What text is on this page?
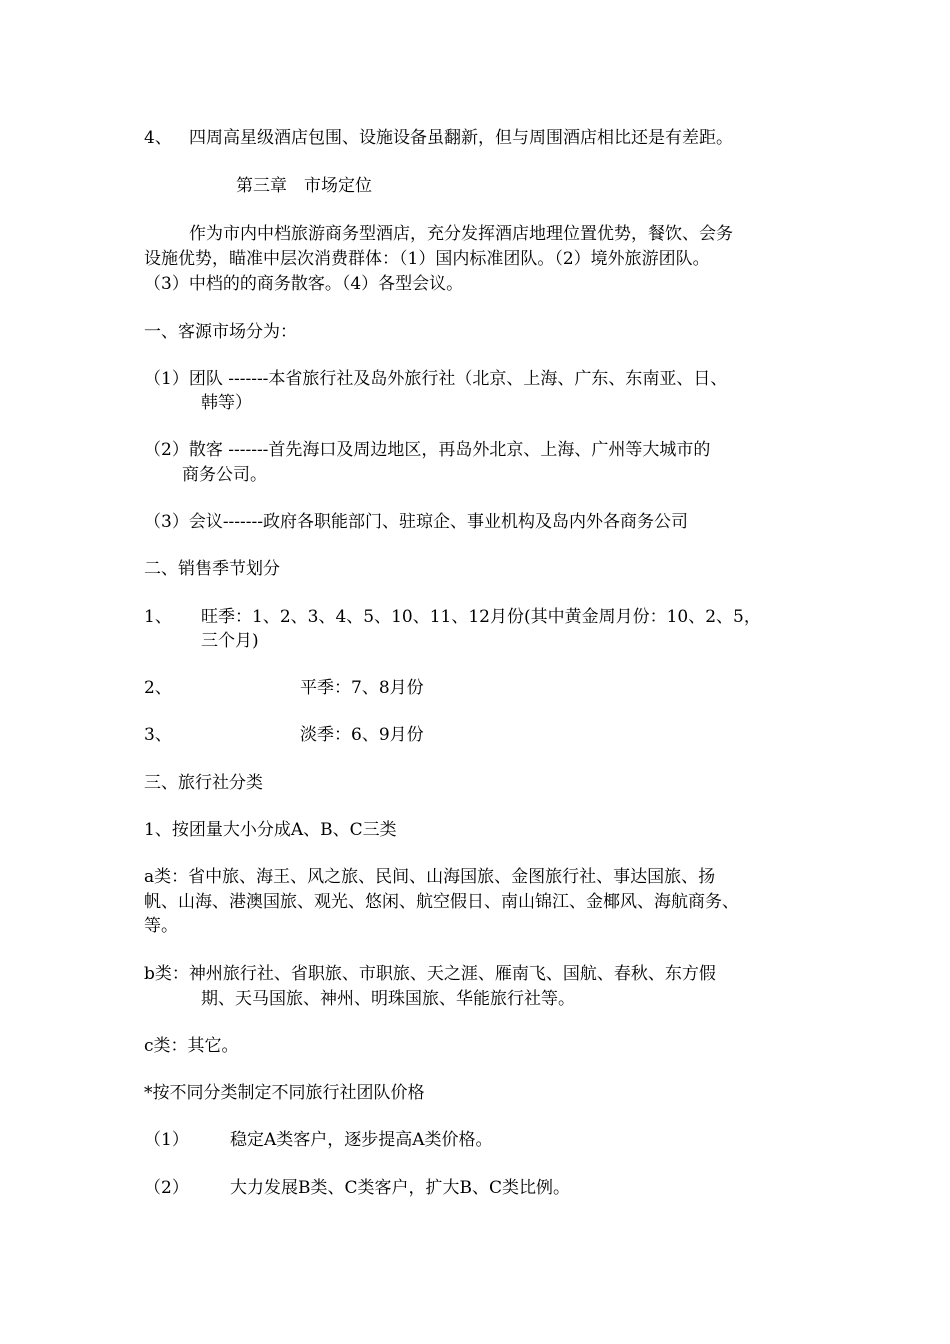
4、 四周高星级酒店包围、设施设备虽翻新，但与周围酒店相比还是有差距。
第三章　市场定位
作为市内中档旅游商务型酒店，充分发挥酒店地理位置优势，餐饮、会务
设施优势，瞄准中层次消费群体：（1）国内标准团队。（2）境外旅游团队。
（3）中档的的商务散客。（4）各型会议。
一、客源市场分为：
（1）团队 -------本省旅行社及岛外旅行社（北京、上海、广东、东南亚、日、
韩等）
（2）散客 -------首先海口及周边地区，再岛外北京、上海、广州等大城市的
商务公司。
（3）会议-------政府各职能部门、驻琼企、事业机构及岛内外各商务公司
二、销售季节划分
1、 旺季：1、2、3、4、5、10、11、12月份(其中黄金周月份：10、2、5，
三个月)
2、	平季：7、8月份
3、	淡季：6、9月份
三、旅行社分类
1、按团量大小分成A、B、C三类
a类：省中旅、海王、风之旅、民间、山海国旅、金图旅行社、事达国旅、扬
帆、山海、港澳国旅、观光、悠闲、航空假日、南山锦江、金椰风、海航商务、
等。
b类：神州旅行社、省职旅、市职旅、天之涯、雁南飞、国航、春秋、东方假
期、天马国旅、神州、明珠国旅、华能旅行社等。
c类：其它。
*按不同分类制定不同旅行社团队价格
（1） 稳定A类客户，逐步提高A类价格。
（2） 大力发展B类、C类客户，扩大B、C类比例。
